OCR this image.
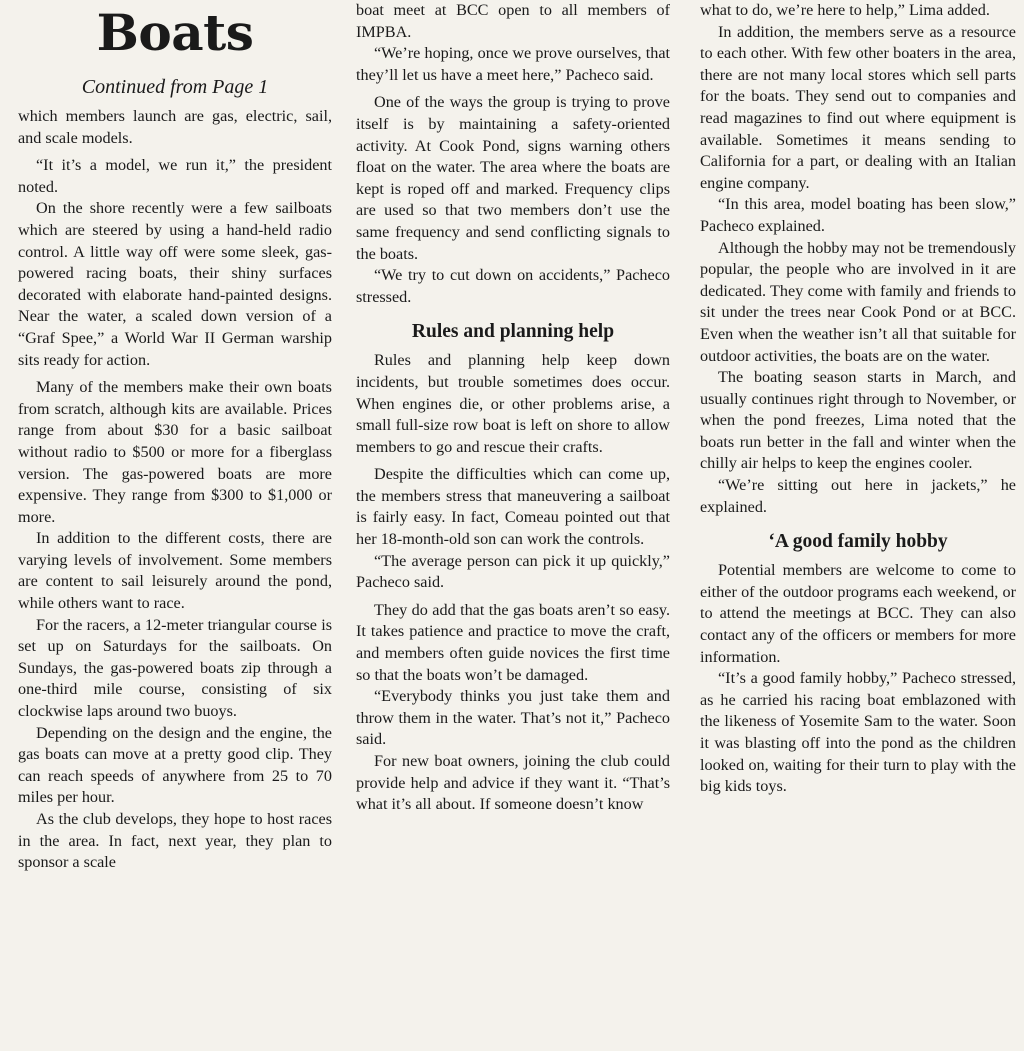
Boats
Continued from Page 1

which members launch are gas, electric, sail, and scale models.

“It it’s a model, we run it,” the president noted.

On the shore recently were a few sailboats which are steered by using a hand-held radio control. A little way off were some sleek, gas-powered racing boats, their shiny surfaces decorated with elaborate hand-painted designs. Near the water, a scaled down version of a “Graf Spee,” a World War II German warship sits ready for action.

Many of the members make their own boats from scratch, although kits are available. Prices range from about $30 for a basic sailboat without radio to $500 or more for a fiberglass version. The gas-powered boats are more expensive. They range from $300 to $1,000 or more.

In addition to the different costs, there are varying levels of involvement. Some members are content to sail leisurely around the pond, while others want to race.

For the racers, a 12-meter triangular course is set up on Saturdays for the sailboats. On Sundays, the gas-powered boats zip through a one-third mile course, consisting of six clockwise laps around two buoys.

Depending on the design and the engine, the gas boats can move at a pretty good clip. They can reach speeds of anywhere from 25 to 70 miles per hour.

As the club develops, they hope to host races in the area. In fact, next year, they plan to sponsor a scale

boat meet at BCC open to all members of IMPBA.

“We’re hoping, once we prove ourselves, that they’ll let us have a meet here,” Pacheco said.

One of the ways the group is trying to prove itself is by maintaining a safety-oriented activity. At Cook Pond, signs warning others float on the water. The area where the boats are kept is roped off and marked. Frequency clips are used so that two members don’t use the same frequency and send conflicting signals to the boats.

“We try to cut down on accidents,” Pacheco stressed.

Rules and planning help

Rules and planning help keep down incidents, but trouble sometimes does occur. When engines die, or other problems arise, a small full-size row boat is left on shore to allow members to go and rescue their crafts.

Despite the difficulties which can come up, the members stress that maneuvering a sailboat is fairly easy. In fact, Comeau pointed out that her 18-month-old son can work the controls.

“The average person can pick it up quickly,” Pacheco said.

They do add that the gas boats aren’t so easy. It takes patience and practice to move the craft, and members often guide novices the first time so that the boats won’t be damaged.

“Everybody thinks you just take them and throw them in the water. That’s not it,” Pacheco said.

For new boat owners, joining the club could provide help and advice if they want it. “That’s what it’s all about. If someone doesn’t know

what to do, we’re here to help,” Lima added.

In addition, the members serve as a resource to each other. With few other boaters in the area, there are not many local stores which sell parts for the boats. They send out to companies and read magazines to find out where equipment is available. Sometimes it means sending to California for a part, or dealing with an Italian engine company.

“In this area, model boating has been slow,” Pacheco explained.

Although the hobby may not be tremendously popular, the people who are involved in it are dedicated. They come with family and friends to sit under the trees near Cook Pond or at BCC. Even when the weather isn’t all that suitable for outdoor activities, the boats are on the water.

The boating season starts in March, and usually continues right through to November, or when the pond freezes, Lima noted that the boats run better in the fall and winter when the chilly air helps to keep the engines cooler.

“We’re sitting out here in jackets,” he explained.

‘A good family hobby

Potential members are welcome to come to either of the outdoor programs each weekend, or to attend the meetings at BCC. They can also contact any of the officers or members for more information.

“It’s a good family hobby,” Pacheco stressed, as he carried his racing boat emblazoned with the likeness of Yosemite Sam to the water. Soon it was blasting off into the pond as the children looked on, waiting for their turn to play with the big kids toys.
